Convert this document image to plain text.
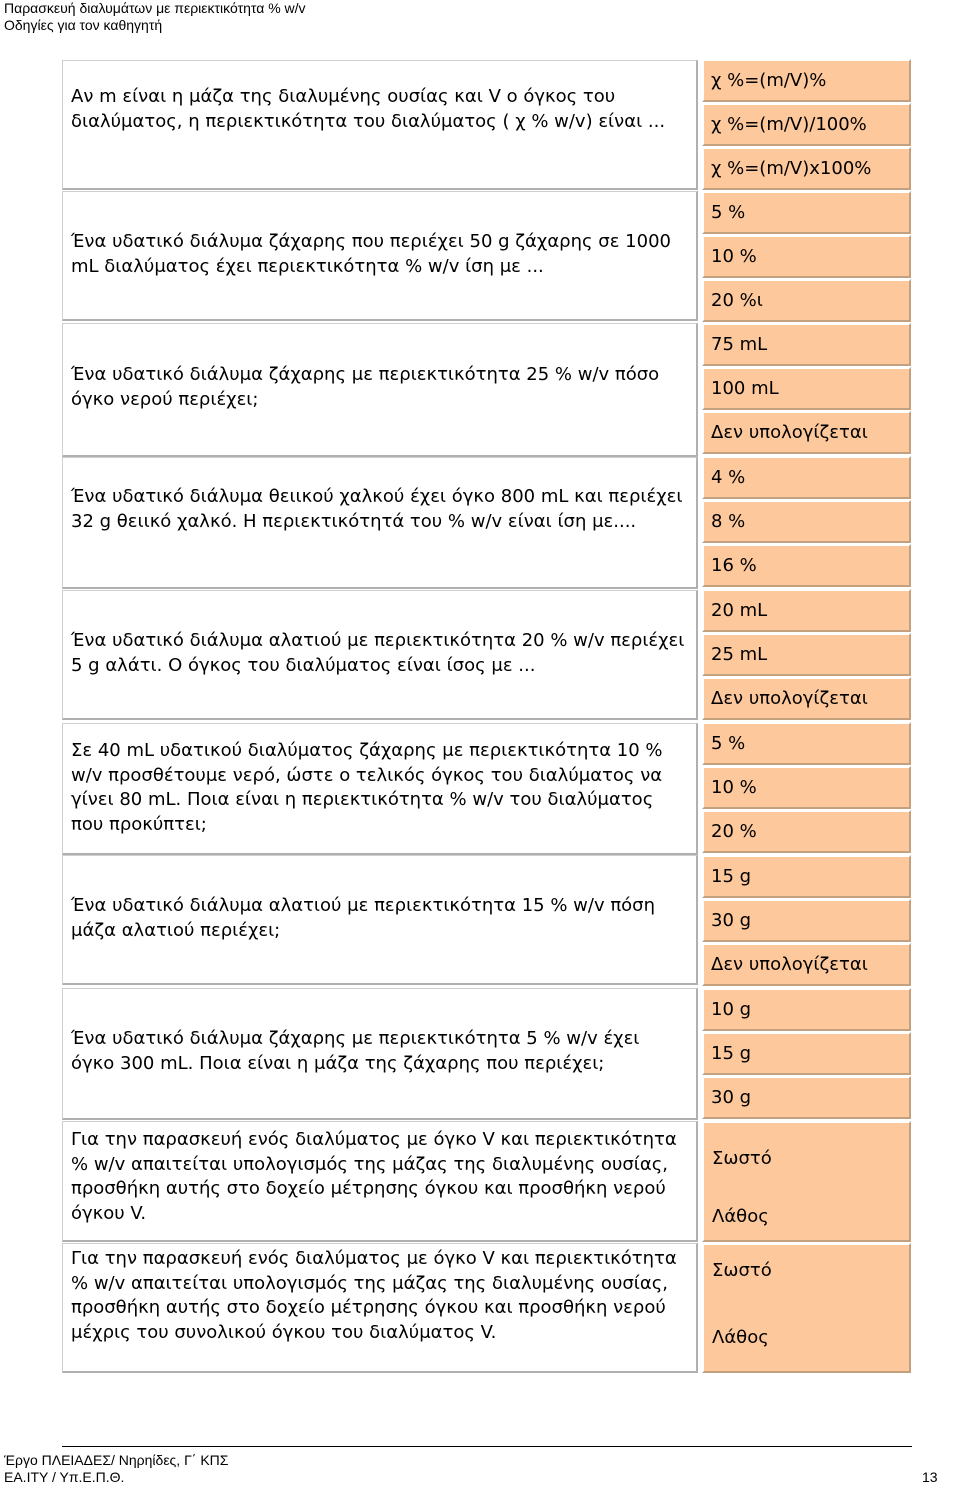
Παρασκευή διαλυμάτων με περιεκτικότητα % w/v
Οδηγίες για τον καθηγητή
Αν m είναι η μάζα της διαλυμένης ουσίας και V ο όγκος του διαλύματος, η περιεκτικότητα του διαλύματος ( χ % w/v) είναι ...
χ %=(m/V)%
χ %=(m/V)/100%
χ %=(m/V)x100%
Ένα υδατικό διάλυμα ζάχαρης που περιέχει 50 g ζάχαρης σε 1000 mL διαλύματος έχει περιεκτικότητα % w/v ίση με ...
5 %
10 %
20 %ι
Ένα υδατικό διάλυμα ζάχαρης με περιεκτικότητα 25 % w/v πόσο όγκο νερού περιέχει;
75 mL
100 mL
Δεν υπολογίζεται
Ένα υδατικό διάλυμα θειικού χαλκού έχει όγκο 800 mL και περιέχει 32 g θειικό χαλκό. Η περιεκτικότητά του % w/v είναι ίση με....
4 %
8 %
16 %
Ένα υδατικό διάλυμα αλατιού με περιεκτικότητα 20 % w/v περιέχει 5 g αλάτι. Ο όγκος του διαλύματος είναι ίσος με ...
20 mL
25 mL
Δεν υπολογίζεται
Σε 40 mL υδατικού διαλύματος ζάχαρης με περιεκτικότητα 10 % w/v προσθέτουμε νερό, ώστε ο τελικός όγκος του διαλύματος να γίνει 80 mL. Ποια είναι η περιεκτικότητα % w/v του διαλύματος που προκύπτει;
5 %
10 %
20 %
Ένα υδατικό διάλυμα αλατιού με περιεκτικότητα 15 % w/v πόση μάζα αλατιού περιέχει;
15 g
30 g
Δεν υπολογίζεται
Ένα υδατικό διάλυμα ζάχαρης με περιεκτικότητα 5 % w/v έχει όγκο 300 mL. Ποια είναι η μάζα της ζάχαρης που περιέχει;
10 g
15 g
30 g
Για την παρασκευή ενός διαλύματος με όγκο V και περιεκτικότητα % w/v απαιτείται υπολογισμός της μάζας της διαλυμένης ουσίας, προσθήκη αυτής στο δοχείο μέτρησης όγκου και προσθήκη νερού όγκου V.
Σωστό
Λάθος
Για την παρασκευή ενός διαλύματος με όγκο V και περιεκτικότητα % w/v απαιτείται υπολογισμός της μάζας της διαλυμένης ουσίας, προσθήκη αυτής στο δοχείο μέτρησης όγκου και προσθήκη νερού μέχρις του συνολικού όγκου του διαλύματος V.
Σωστό
Λάθος
Έργο ΠΛΕΙΑΔΕΣ/ Νηρηίδες, Γ΄ ΚΠΣ
ΕΑ.ΙΤΥ / Υπ.Ε.Π.Θ.	13
